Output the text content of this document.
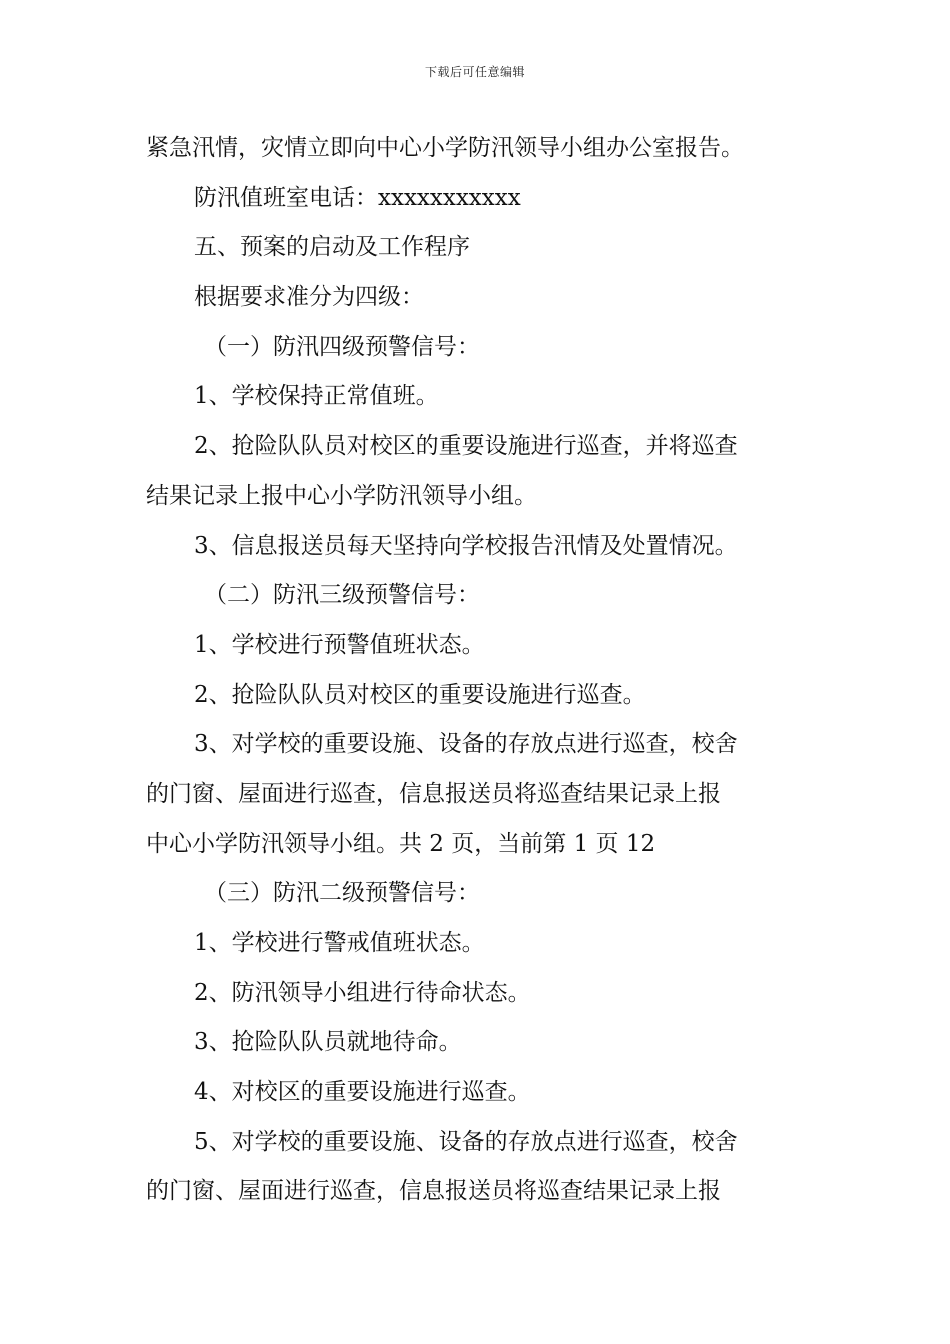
下载后可任意编辑
紧急汛情，灾情立即向中心小学防汛领导小组办公室报告。
防汛值班室电话：xxxxxxxxxxx
五、预案的启动及工作程序
根据要求准分为四级：
（一）防汛四级预警信号：
1、学校保持正常值班。
2、抢险队队员对校区的重要设施进行巡查，并将巡查
结果记录上报中心小学防汛领导小组。
3、信息报送员每天坚持向学校报告汛情及处置情况。
（二）防汛三级预警信号：
1、学校进行预警值班状态。
2、抢险队队员对校区的重要设施进行巡查。
3、对学校的重要设施、设备的存放点进行巡查，校舍
的门窗、屋面进行巡查，信息报送员将巡查结果记录上报
中心小学防汛领导小组。共 2 页，当前第 1 页 12
（三）防汛二级预警信号：
1、学校进行警戒值班状态。
2、防汛领导小组进行待命状态。
3、抢险队队员就地待命。
4、对校区的重要设施进行巡查。
5、对学校的重要设施、设备的存放点进行巡查，校舍
的门窗、屋面进行巡查，信息报送员将巡查结果记录上报
